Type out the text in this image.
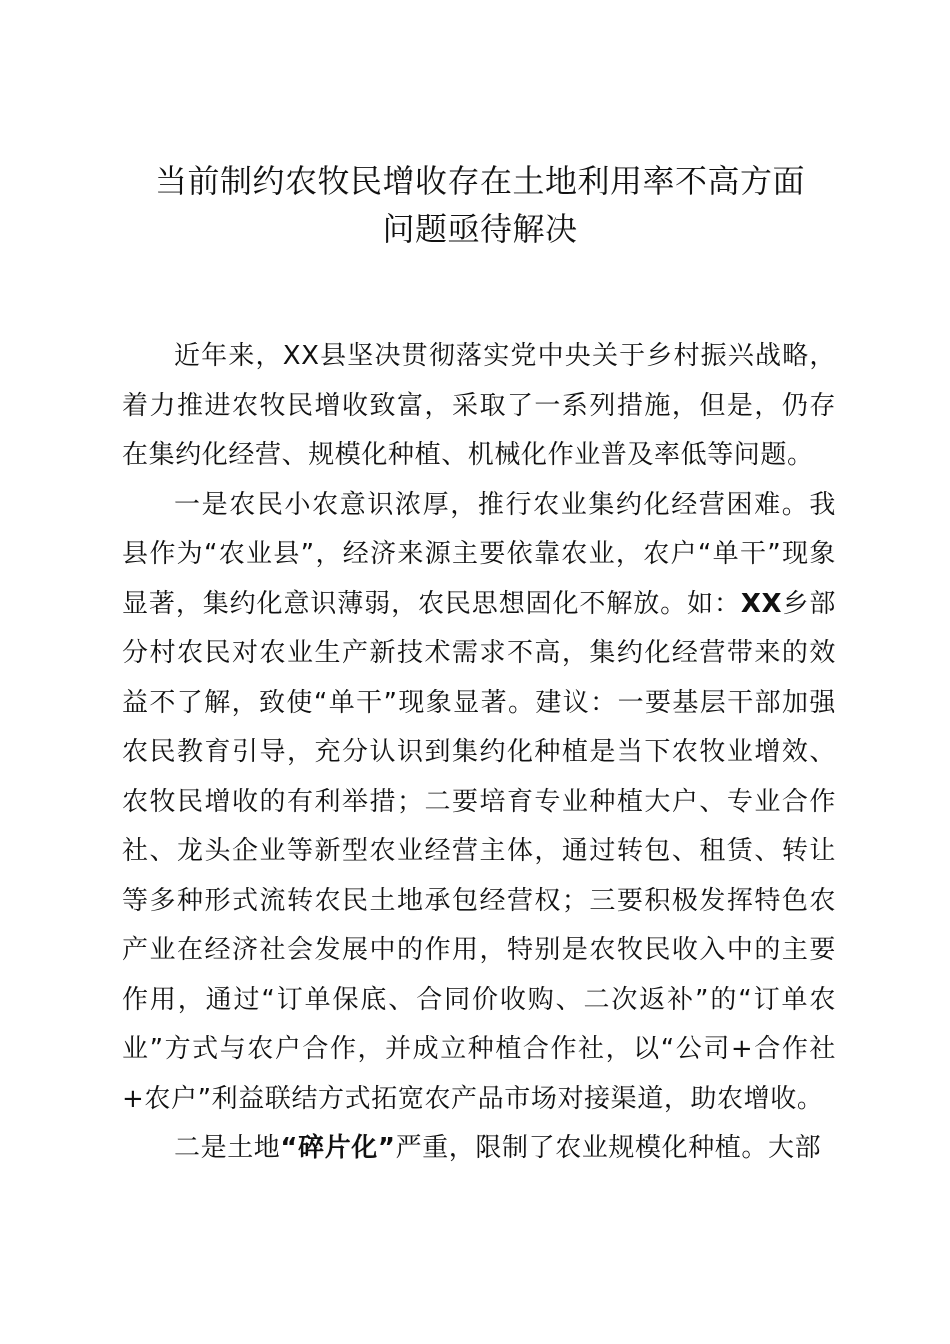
当前制约农牧民增收存在土地利用率不高方面
问题亟待解决

近年来，XX县坚决贯彻落实党中央关于乡村振兴战略，着力推进农牧民增收致富，采取了一系列措施，但是，仍存在集约化经营、规模化种植、机械化作业普及率低等问题。

一是农民小农意识浓厚，推行农业集约化经营困难。我县作为“农业县”，经济来源主要依靠农业，农户“单干”现象显著，集约化意识薄弱，农民思想固化不解放。如：XX乡部分村农民对农业生产新技术需求不高，集约化经营带来的效益不了解，致使“单干”现象显著。建议：一要基层干部加强农民教育引导，充分认识到集约化种植是当下农牧业增效、农牧民增收的有利举措；二要培育专业种植大户、专业合作社、龙头企业等新型农业经营主体，通过转包、租赁、转让等多种形式流转农民土地承包经营权；三要积极发挥特色农产业在经济社会发展中的作用，特别是农牧民收入中的主要作用，通过“订单保底、合同价收购、二次返补”的“订单农业”方式与农户合作，并成立种植合作社，以“公司+合作社+农户”利益联结方式拓宽农产品市场对接渠道，助农增收。

二是土地“碎片化”严重，限制了农业规模化种植。大部
